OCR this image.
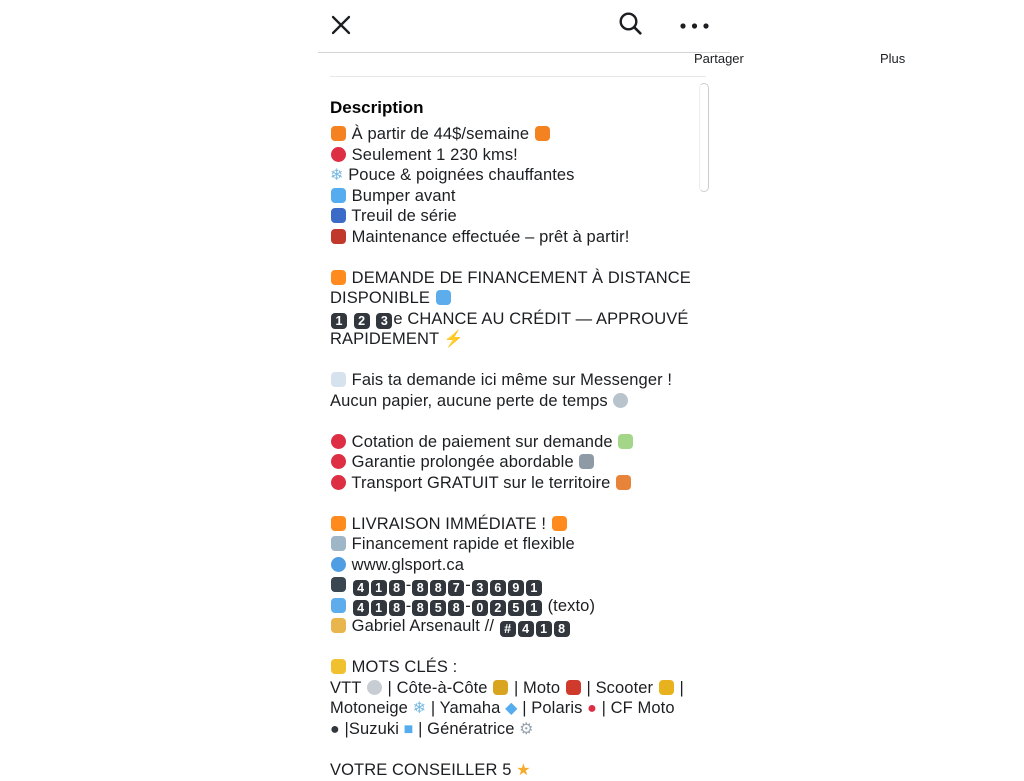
Partager	Plus
Description
À partir de 44$/semaine
Seulement 1 230 kms!
❄ Pouce & poignées chauffantes
Bumper avant
Treuil de série
Maintenance effectuée – prêt à partir!

DEMANDE DE FINANCEMENT À DISTANCE
DISPONIBLE
1 2 3 e CHANCE AU CRÉDIT — APPROUVÉ
RAPIDEMENT ⚡

Fais ta demande ici même sur Messenger !
Aucun papier, aucune perte de temps

Cotation de paiement sur demande
Garantie prolongée abordable
Transport GRATUIT sur le territoire

LIVRAISON IMMÉDIATE !
Financement rapide et flexible
www.glsport.ca
4 1 8 - 8 8 7 - 3 6 9 1
4 1 8 - 8 5 8 - 0 2 5 1 (texto)
Gabriel Arsenault // # 4 1 8

MOTS CLÉS :
VTT  | Côte-à-Côte  | Moto  | Scooter  |
Motoneige ❄ | Yamaha ◆ | Polaris ● | CF Moto
● |Suzuki ■ | Génératrice ⚙

VOTRE CONSEILLER 5 ★
